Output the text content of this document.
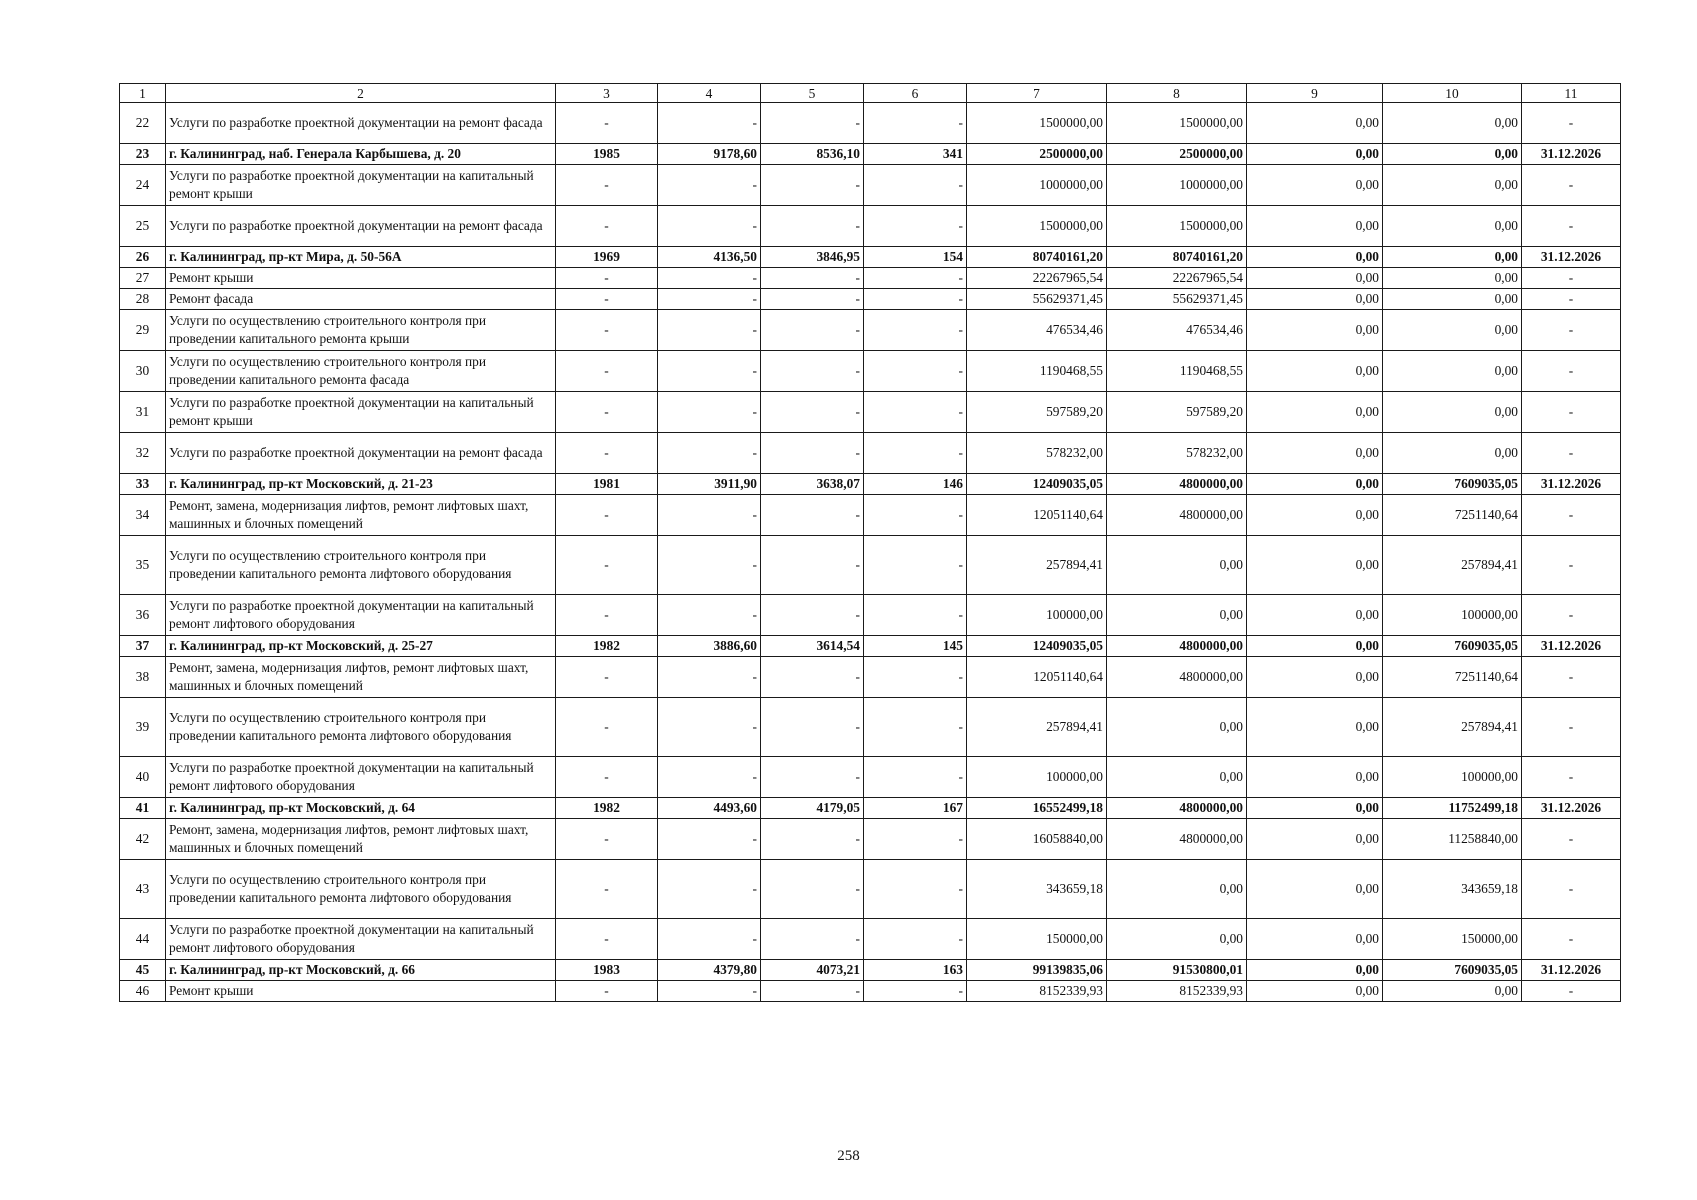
1	2	3	4	5	6	7	8	9	10	11
22	Услуги по разработке проектной документации на ремонт фасада	-	-	-	-	1500000,00	1500000,00	0,00	0,00	-
23	г. Калининград, наб. Генерала Карбышева, д. 20	1985	9178,60	8536,10	341	2500000,00	2500000,00	0,00	0,00	31.12.2026
24	Услуги по разработке проектной документации на капитальный ремонт крыши	-	-	-	-	1000000,00	1000000,00	0,00	0,00	-
25	Услуги по разработке проектной документации на ремонт фасада	-	-	-	-	1500000,00	1500000,00	0,00	0,00	-
26	г. Калининград, пр-кт Мира, д. 50-56А	1969	4136,50	3846,95	154	80740161,20	80740161,20	0,00	0,00	31.12.2026
27	Ремонт крыши	-	-	-	-	22267965,54	22267965,54	0,00	0,00	-
28	Ремонт фасада	-	-	-	-	55629371,45	55629371,45	0,00	0,00	-
29	Услуги по осуществлению строительного контроля при проведении капитального ремонта крыши	-	-	-	-	476534,46	476534,46	0,00	0,00	-
30	Услуги по осуществлению строительного контроля при проведении капитального ремонта фасада	-	-	-	-	1190468,55	1190468,55	0,00	0,00	-
31	Услуги по разработке проектной документации на капитальный ремонт крыши	-	-	-	-	597589,20	597589,20	0,00	0,00	-
32	Услуги по разработке проектной документации на ремонт фасада	-	-	-	-	578232,00	578232,00	0,00	0,00	-
33	г. Калининград, пр-кт Московский, д. 21-23	1981	3911,90	3638,07	146	12409035,05	4800000,00	0,00	7609035,05	31.12.2026
34	Ремонт, замена, модернизация лифтов, ремонт лифтовых шахт, машинных и блочных помещений	-	-	-	-	12051140,64	4800000,00	0,00	7251140,64	-
35	Услуги по осуществлению строительного контроля при проведении капитального ремонта лифтового оборудования	-	-	-	-	257894,41	0,00	0,00	257894,41	-
36	Услуги по разработке проектной документации на капитальный ремонт лифтового оборудования	-	-	-	-	100000,00	0,00	0,00	100000,00	-
37	г. Калининград, пр-кт Московский, д. 25-27	1982	3886,60	3614,54	145	12409035,05	4800000,00	0,00	7609035,05	31.12.2026
38	Ремонт, замена, модернизация лифтов, ремонт лифтовых шахт, машинных и блочных помещений	-	-	-	-	12051140,64	4800000,00	0,00	7251140,64	-
39	Услуги по осуществлению строительного контроля при проведении капитального ремонта лифтового оборудования	-	-	-	-	257894,41	0,00	0,00	257894,41	-
40	Услуги по разработке проектной документации на капитальный ремонт лифтового оборудования	-	-	-	-	100000,00	0,00	0,00	100000,00	-
41	г. Калининград, пр-кт Московский, д. 64	1982	4493,60	4179,05	167	16552499,18	4800000,00	0,00	11752499,18	31.12.2026
42	Ремонт, замена, модернизация лифтов, ремонт лифтовых шахт, машинных и блочных помещений	-	-	-	-	16058840,00	4800000,00	0,00	11258840,00	-
43	Услуги по осуществлению строительного контроля при проведении капитального ремонта лифтового оборудования	-	-	-	-	343659,18	0,00	0,00	343659,18	-
44	Услуги по разработке проектной документации на капитальный ремонт лифтового оборудования	-	-	-	-	150000,00	0,00	0,00	150000,00	-
45	г. Калининград, пр-кт Московский, д. 66	1983	4379,80	4073,21	163	99139835,06	91530800,01	0,00	7609035,05	31.12.2026
46	Ремонт крыши	-	-	-	-	8152339,93	8152339,93	0,00	0,00	-
258
